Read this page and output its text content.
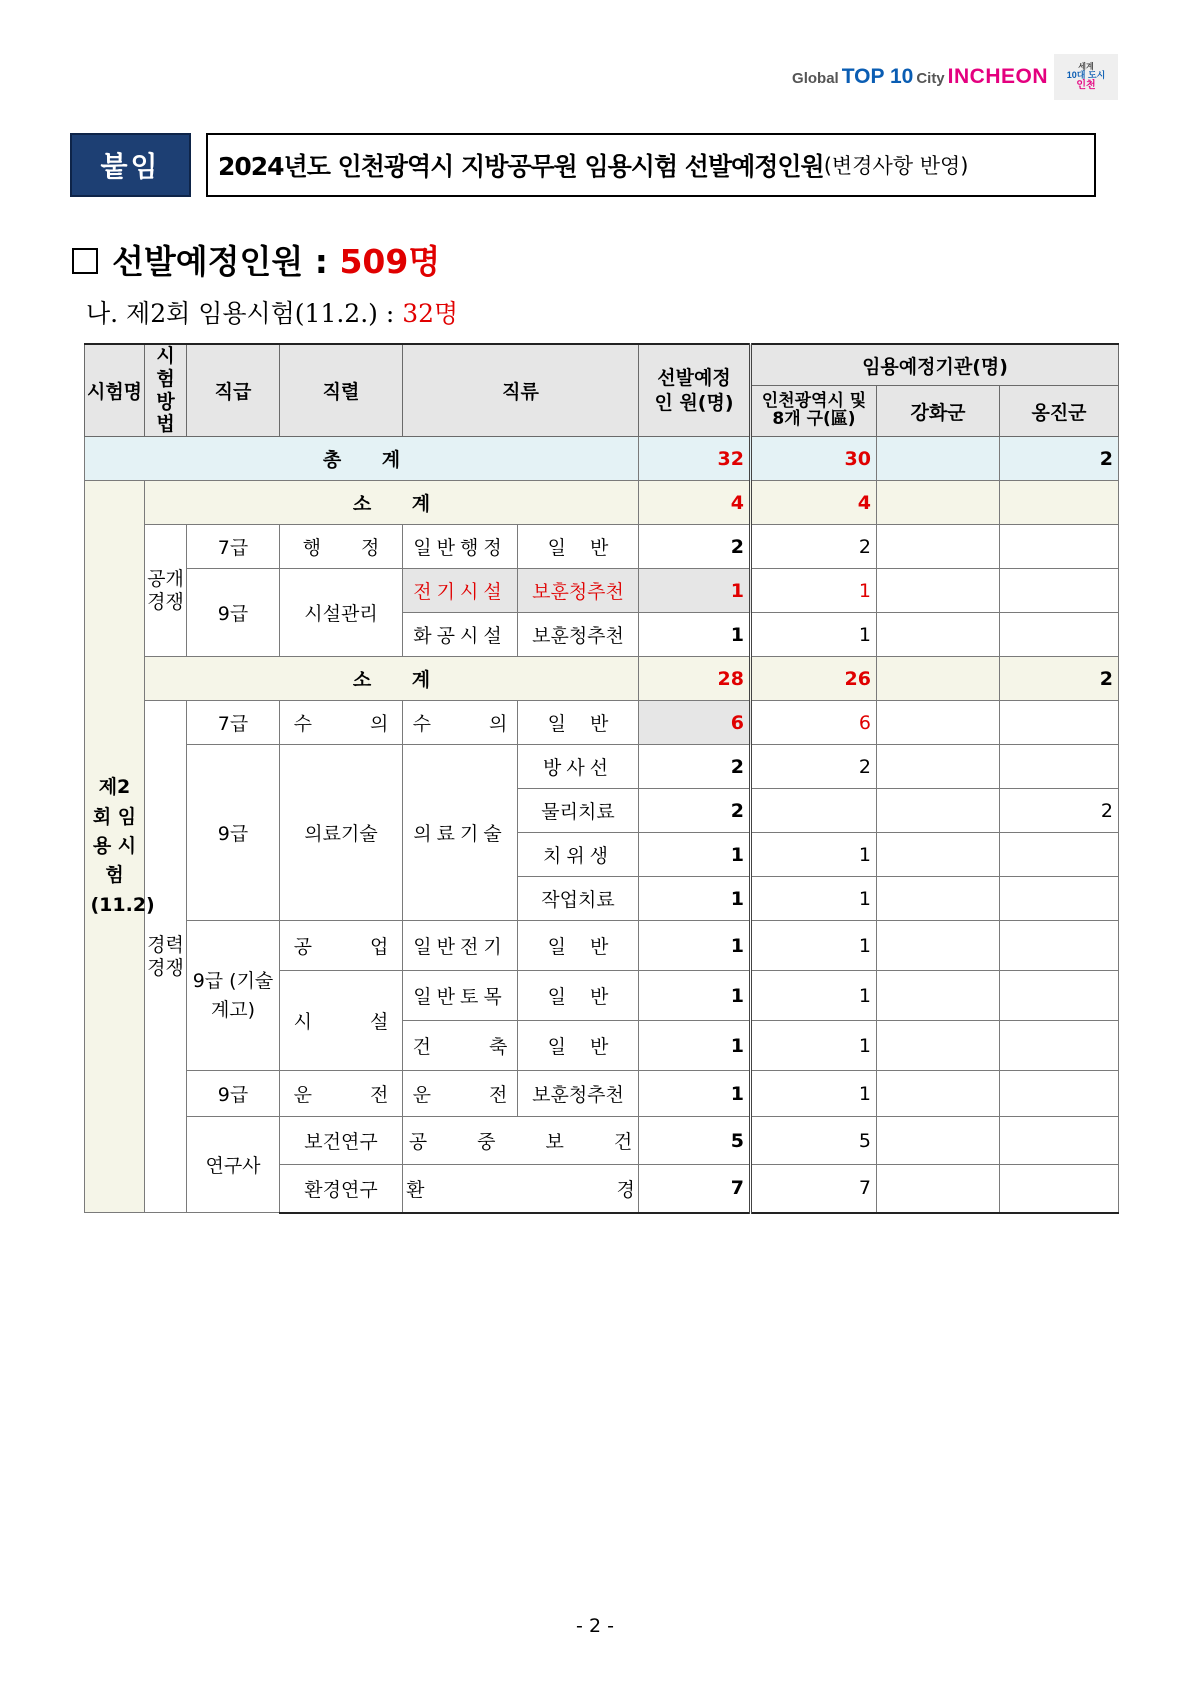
Global TOP 10 City INCHEON	세계
10대 도시
인천
붙임	2024년도 인천광역시 지방공무원 임용시험 선발예정인원 (변경사항 반영)
선발예정인원 : 509명
나. 제2회 임용시험(11.2.) : 32명
시험명	시험방법	직급	직렬	직류		선발예정인 원(명)	임용예정기관(명)		
							인천광역시 및 8개 구(區)	강화군	옹진군
총 계						32	30		2
제2회 임 용 시 험 (11.2)	소 계					4	4		
	공개경쟁	7급	행 정	일반행정	일 반	2	2		
		9급	시설관리	전기시설	보훈청추천	1	1		
				화공시설	보훈청추천	1	1		
	소 계					28	26		2
	경력경쟁	7급	수 의	수 의	일 반	6	6		
		9급	의료기술	의료기술	방사선	2	2		
					물리치료	2			2
					치위생	1	1		
					작업치료	1	1		
		9급 (기술계고)	공 업	일반전기	일 반	1	1		
			시 설	일반토목	일 반	1	1		
				건 축	일 반	1	1		
		9급	운 전	운 전	보훈청추천	1	1		
		연구사	보건연구	공 중 보 건		5	5		
			환경연구	환 경		7	7		
- 2 -
